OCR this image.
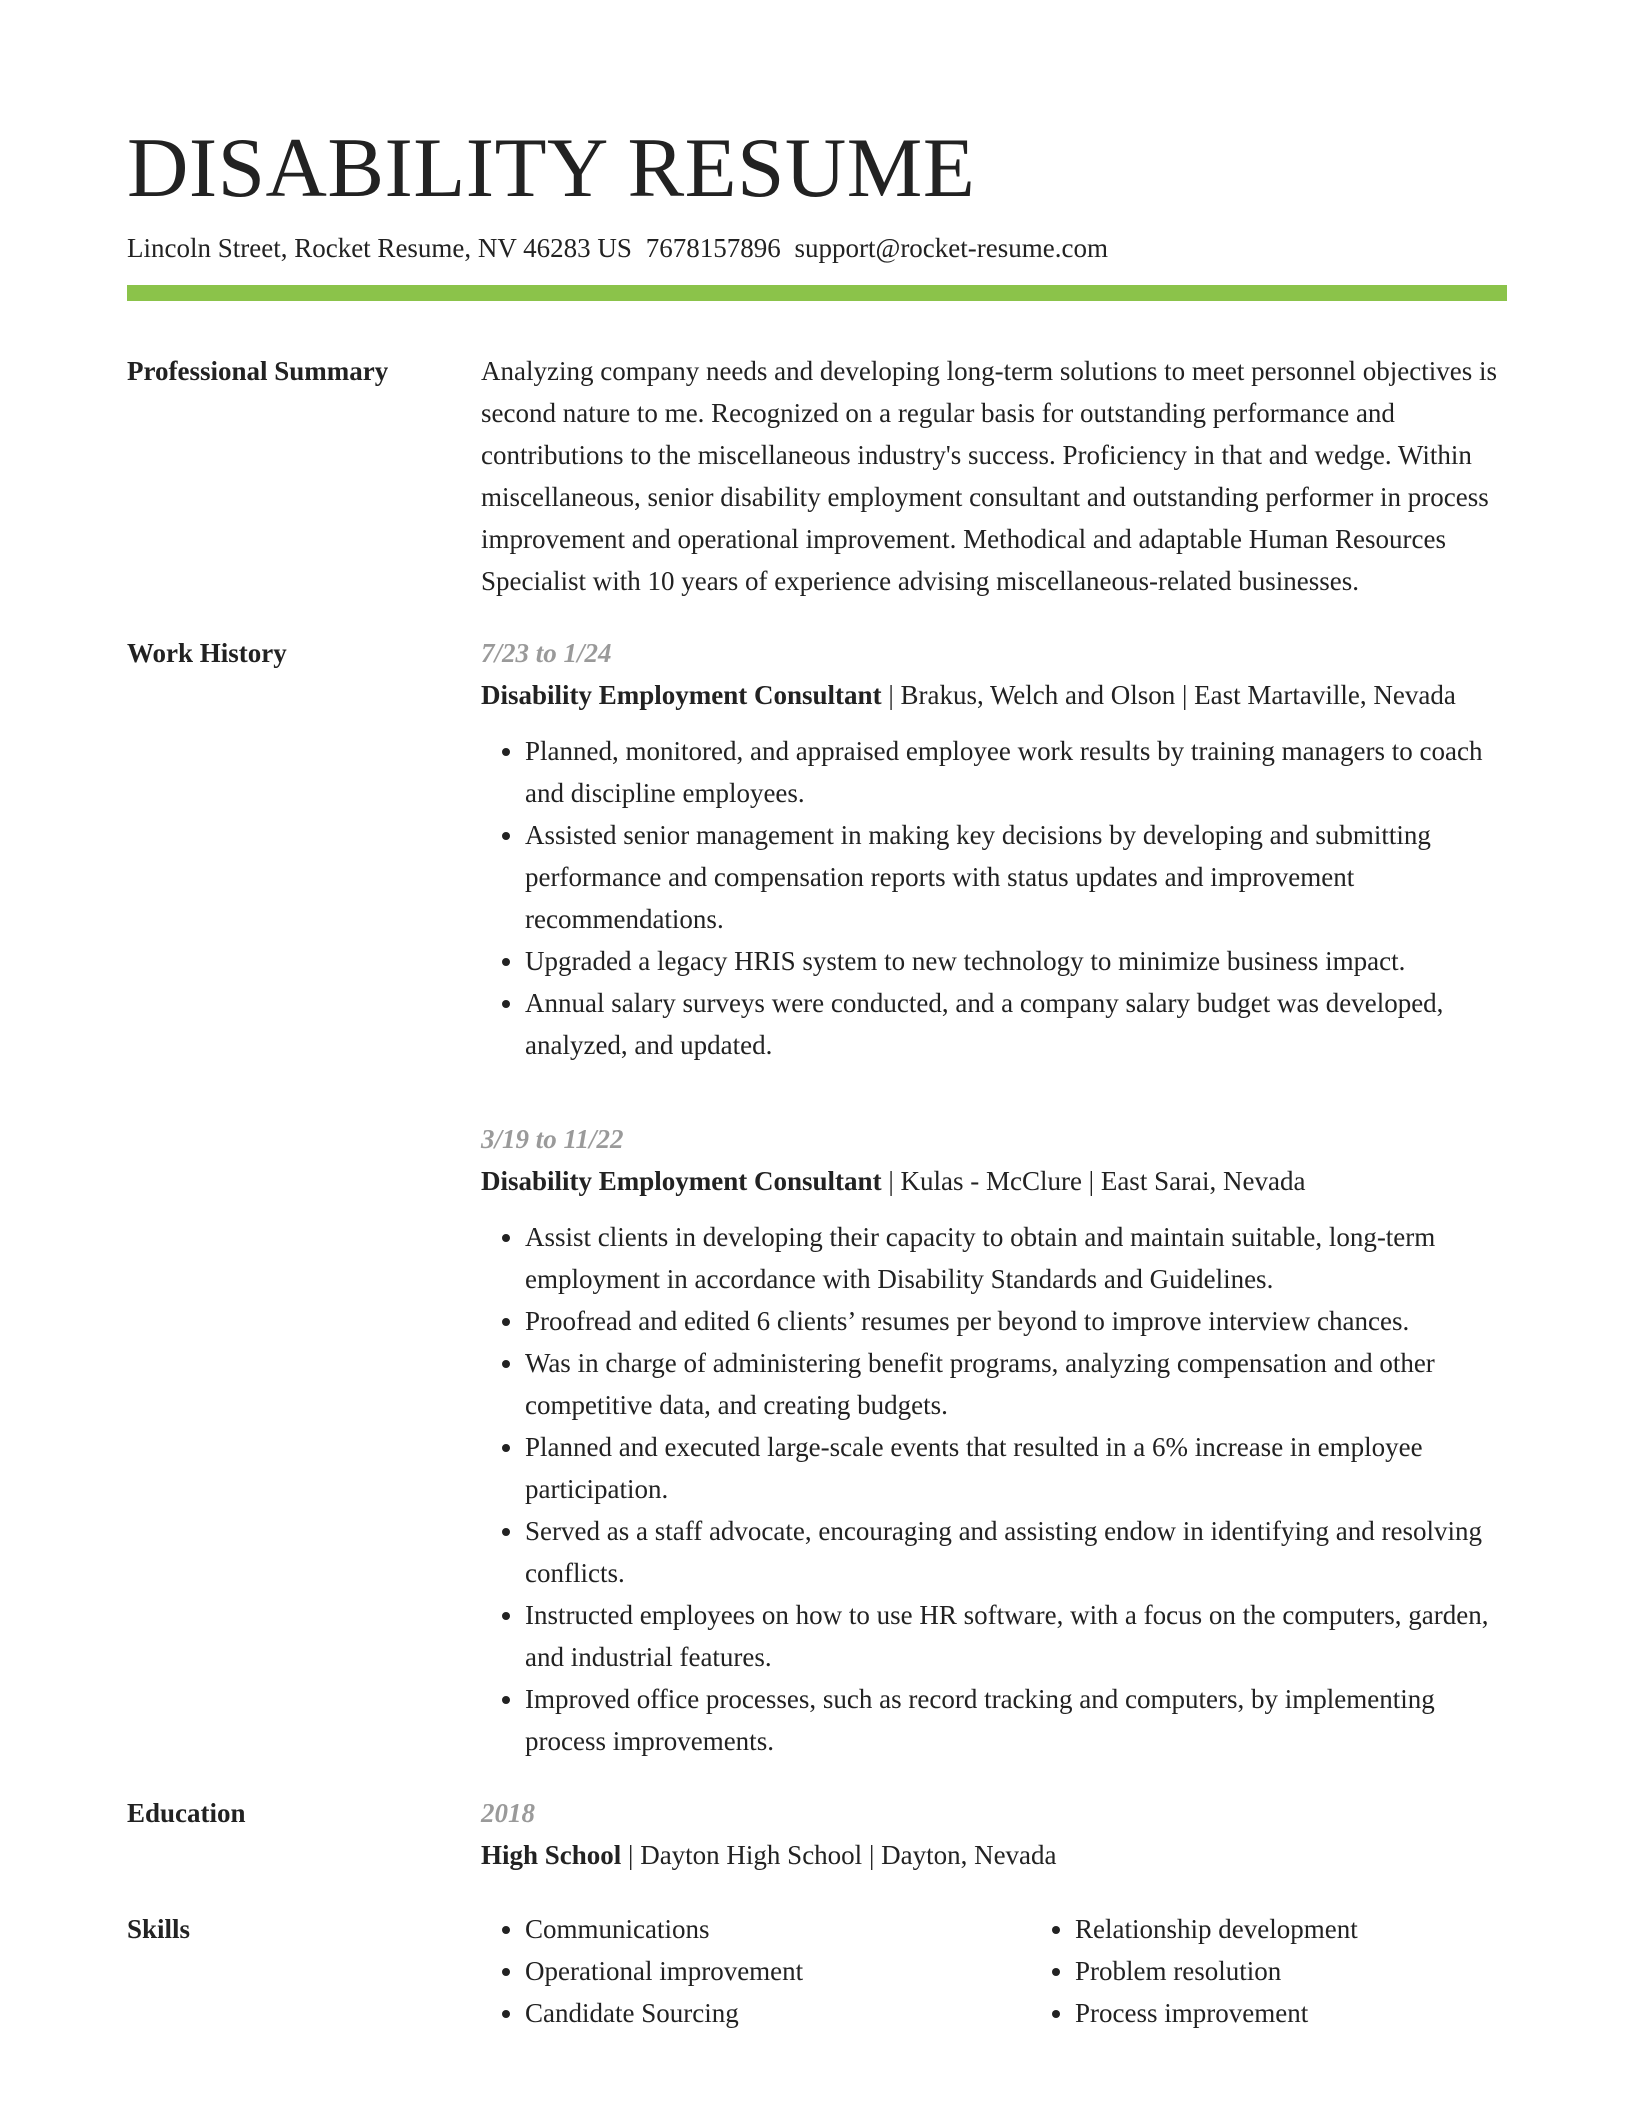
DISABILITY RESUME
Lincoln Street, Rocket Resume, NV 46283 US 7678157896 support@rocket-resume.com
Professional Summary	Analyzing company needs and developing long-term solutions to meet personnel objectives is second nature to me. Recognized on a regular basis for outstanding performance and contributions to the miscellaneous industry's success. Proficiency in that and wedge. Within miscellaneous, senior disability employment consultant and outstanding performer in process improvement and operational improvement. Methodical and adaptable Human Resources Specialist with 10 years of experience advising miscellaneous-related businesses.

Work History	7/23 to 1/24
Disability Employment Consultant | Brakus, Welch and Olson | East Martaville, Nevada
• Planned, monitored, and appraised employee work results by training managers to coach and discipline employees.
• Assisted senior management in making key decisions by developing and submitting performance and compensation reports with status updates and improvement recommendations.
• Upgraded a legacy HRIS system to new technology to minimize business impact.
• Annual salary surveys were conducted, and a company salary budget was developed, analyzed, and updated.
3/19 to 11/22
Disability Employment Consultant | Kulas - McClure | East Sarai, Nevada
• Assist clients in developing their capacity to obtain and maintain suitable, long-term employment in accordance with Disability Standards and Guidelines.
• Proofread and edited 6 clients’ resumes per beyond to improve interview chances.
• Was in charge of administering benefit programs, analyzing compensation and other competitive data, and creating budgets.
• Planned and executed large-scale events that resulted in a 6% increase in employee participation.
• Served as a staff advocate, encouraging and assisting endow in identifying and resolving conflicts.
• Instructed employees on how to use HR software, with a focus on the computers, garden, and industrial features.
• Improved office processes, such as record tracking and computers, by implementing process improvements.
Education	2018
High School | Dayton High School | Dayton, Nevada
Skills
•	Communications
• Operational improvement
• Candidate Sourcing
• Relationship development
• Problem resolution
• Process improvement
